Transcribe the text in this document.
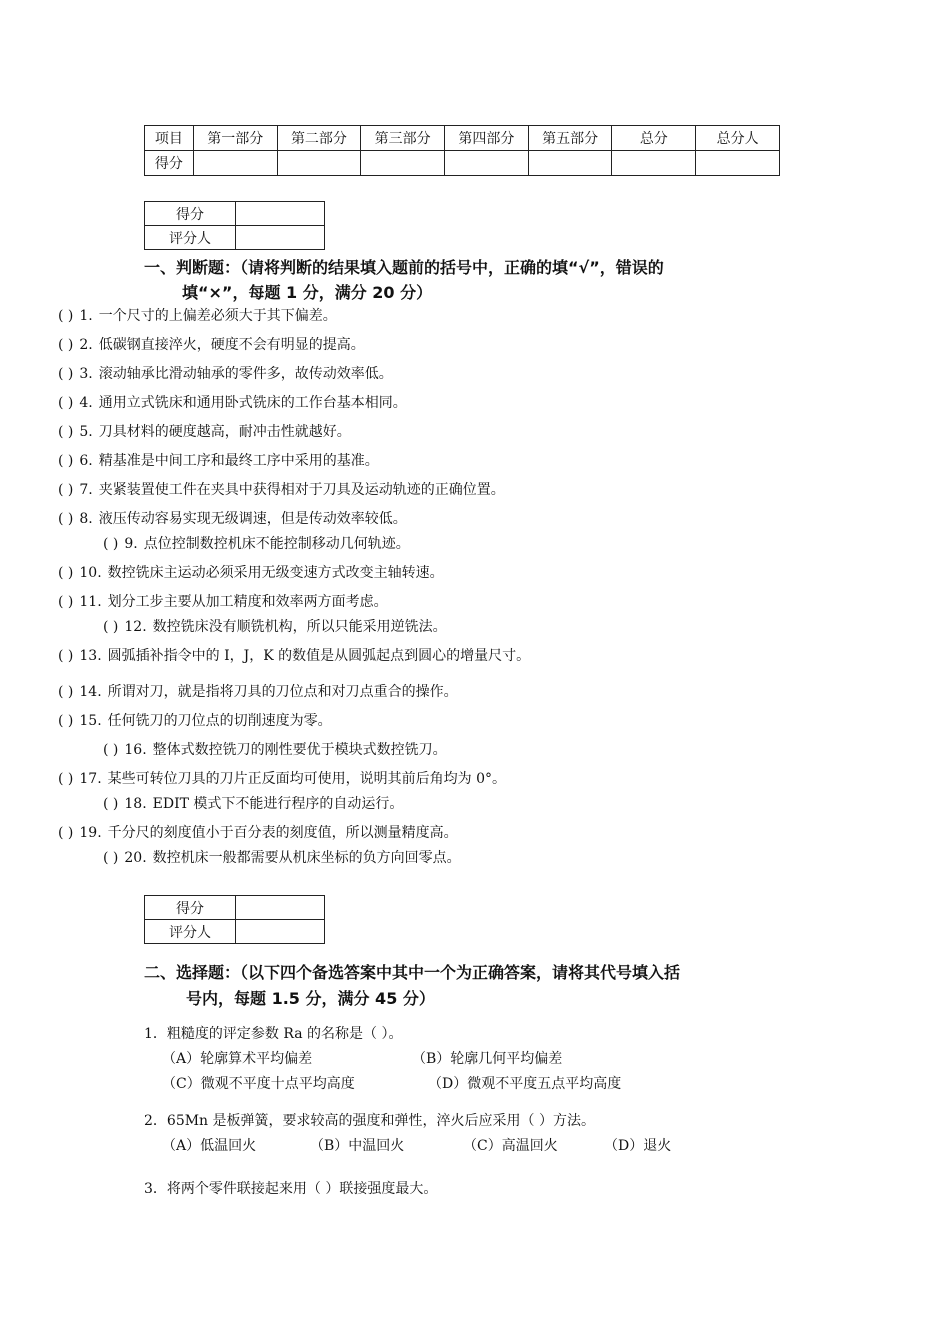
项目	第一部分	第二部分	第三部分	第四部分	第五部分	总分	总分人
得分							
得分	
评分人	
一、判断题：（请将判断的结果填入题前的括号中，正确的填“√”，错误的
填“×”，每题 1 分，满分 20 分）
( ) 1. 一个尺寸的上偏差必须大于其下偏差。
( ) 2. 低碳钢直接淬火，硬度不会有明显的提高。
( ) 3. 滚动轴承比滑动轴承的零件多，故传动效率低。
( ) 4. 通用立式铣床和通用卧式铣床的工作台基本相同。
( ) 5. 刀具材料的硬度越高，耐冲击性就越好。
( ) 6. 精基准是中间工序和最终工序中采用的基准。
( ) 7. 夹紧装置使工件在夹具中获得相对于刀具及运动轨迹的正确位置。
( ) 8. 液压传动容易实现无级调速，但是传动效率较低。
( ) 9. 点位控制数控机床不能控制移动几何轨迹。
( ) 10. 数控铣床主运动必须采用无级变速方式改变主轴转速。
( ) 11. 划分工步主要从加工精度和效率两方面考虑。
( ) 12. 数控铣床没有顺铣机构，所以只能采用逆铣法。
( ) 13. 圆弧插补指令中的 I，J，K 的数值是从圆弧起点到圆心的增量尺寸。
( ) 14. 所谓对刀，就是指将刀具的刀位点和对刀点重合的操作。
( ) 15. 任何铣刀的刀位点的切削速度为零。
( ) 16. 整体式数控铣刀的刚性要优于模块式数控铣刀。
( ) 17. 某些可转位刀具的刀片正反面均可使用，说明其前后角均为 0°。
( ) 18. EDIT 模式下不能进行程序的自动运行。
( ) 19. 千分尺的刻度值小于百分表的刻度值，所以测量精度高。
( ) 20. 数控机床一般都需要从机床坐标的负方向回零点。
得分	
评分人	
二、选择题：（以下四个备选答案中其中一个为正确答案，请将其代号填入括
号内，每题 1.5 分，满分 45 分）
1．粗糙度的评定参数 Ra 的名称是（ ）。
（A）轮廓算术平均偏差	（B）轮廓几何平均偏差
（C）微观不平度十点平均高度	（D）微观不平度五点平均高度
2．65Mn 是板弹簧，要求较高的强度和弹性，淬火后应采用（ ）方法。
（A）低温回火	（B）中温回火	（C）高温回火	（D）退火
3．将两个零件联接起来用（ ）联接强度最大。
